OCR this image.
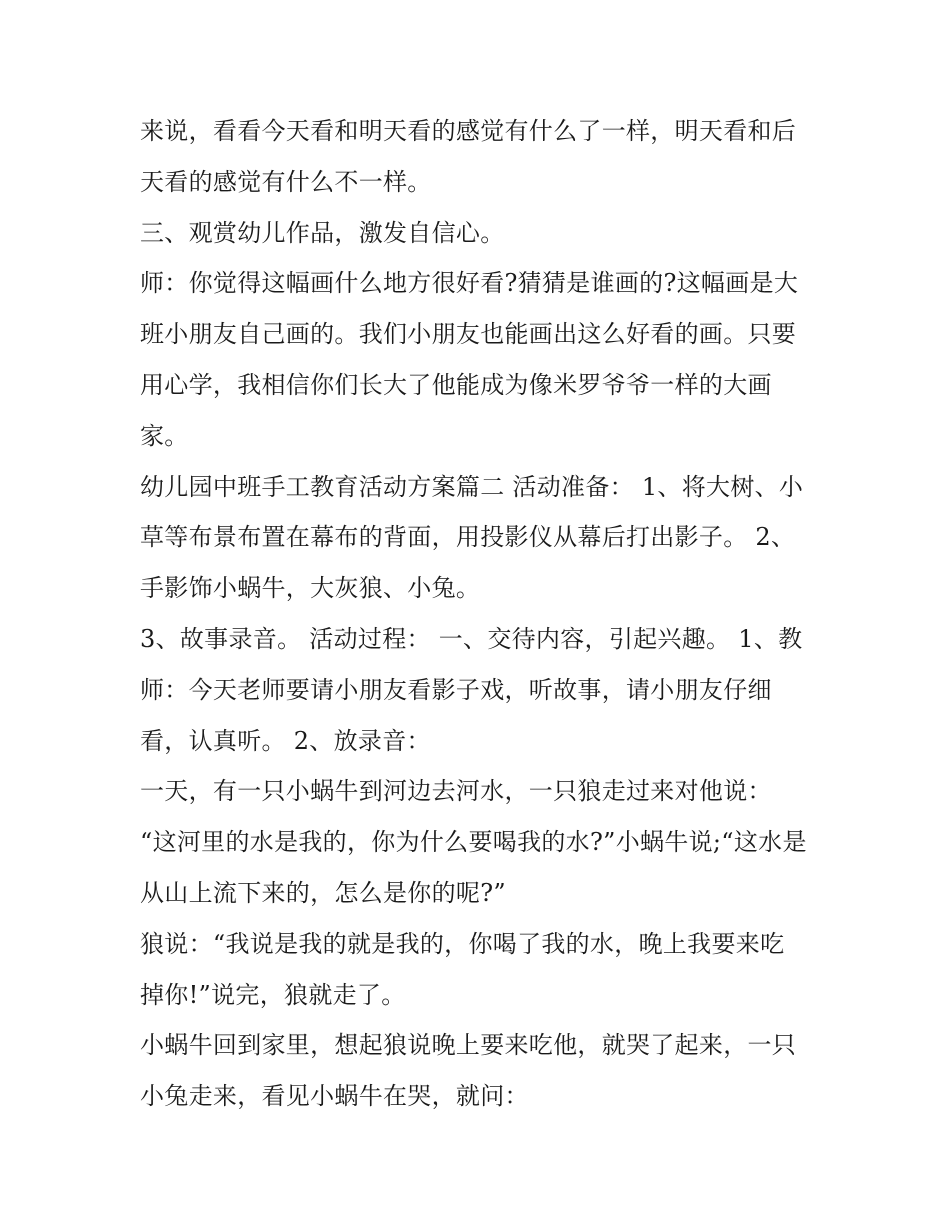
来说，看看今天看和明天看的感觉有什么了一样，明天看和后
天看的感觉有什么不一样。
三、观赏幼儿作品，激发自信心。
师：你觉得这幅画什么地方很好看?猜猜是谁画的?这幅画是大
班小朋友自己画的。我们小朋友也能画出这么好看的画。只要
用心学，我相信你们长大了他能成为像米罗爷爷一样的大画
家。
幼儿园中班手工教育活动方案篇二 活动准备： 1、将大树、小
草等布景布置在幕布的背面，用投影仪从幕后打出影子。 2、
手影饰小蜗牛，大灰狼、小兔。
3、故事录音。 活动过程： 一、交待内容，引起兴趣。 1、教
师：今天老师要请小朋友看影子戏，听故事，请小朋友仔细
看，认真听。 2、放录音：
一天，有一只小蜗牛到河边去河水，一只狼走过来对他说：
“这河里的水是我的，你为什么要喝我的水?”小蜗牛说;“这水是
从山上流下来的，怎么是你的呢?”
狼说：“我说是我的就是我的，你喝了我的水，晚上我要来吃
掉你!”说完，狼就走了。
小蜗牛回到家里，想起狼说晚上要来吃他，就哭了起来，一只
小兔走来，看见小蜗牛在哭，就问：
